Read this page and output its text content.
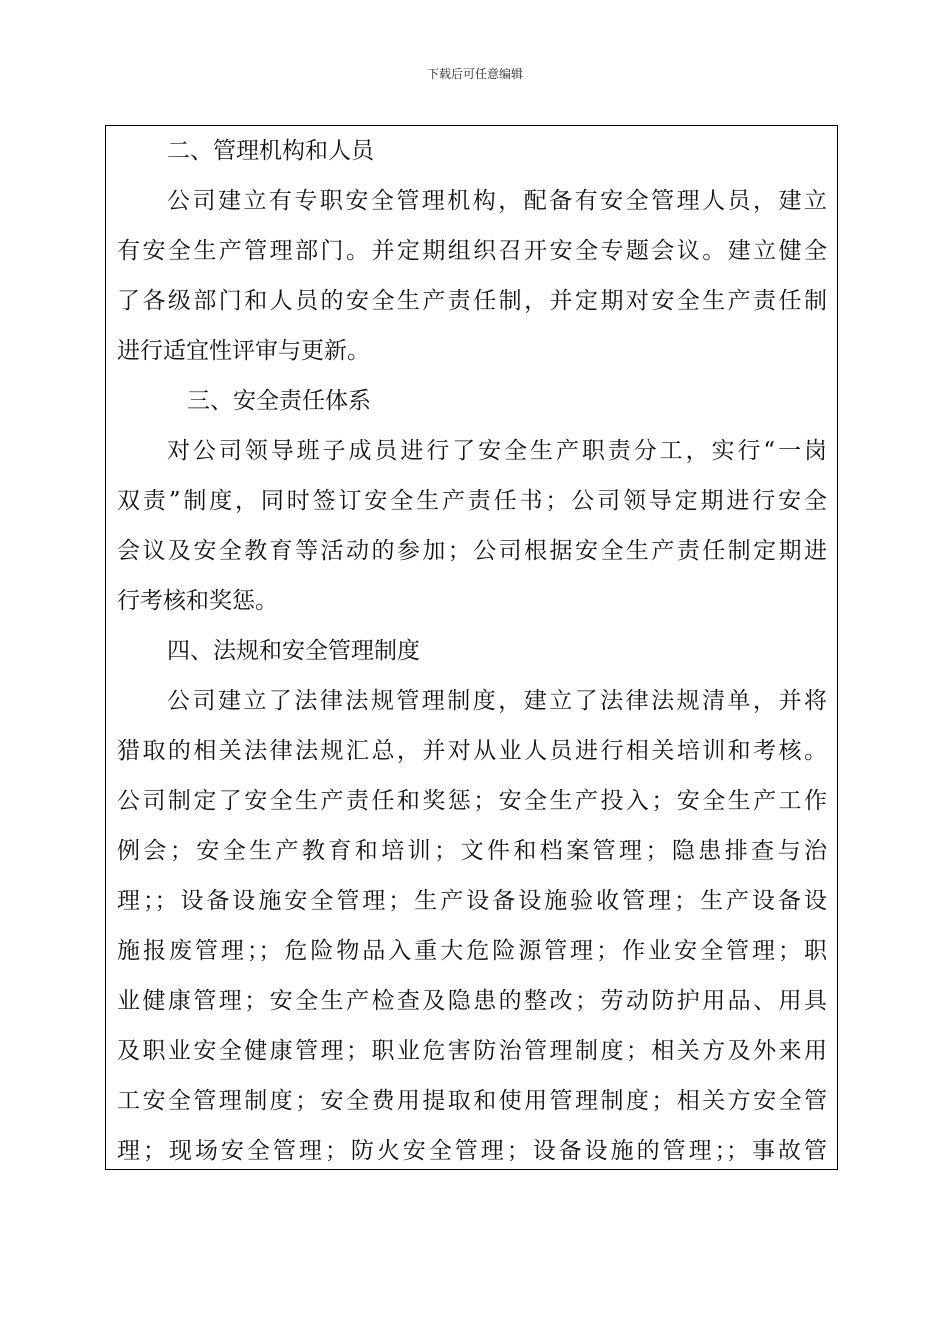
下载后可任意编辑
二、管理机构和人员
公司建立有专职安全管理机构，配备有安全管理人员，建立
有安全生产管理部门。并定期组织召开安全专题会议。建立健全
了各级部门和人员的安全生产责任制，并定期对安全生产责任制
进行适宜性评审与更新。
三、安全责任体系
对公司领导班子成员进行了安全生产职责分工，实行“一岗
双责”制度，同时签订安全生产责任书；公司领导定期进行安全
会议及安全教育等活动的参加；公司根据安全生产责任制定期进
行考核和奖惩。
四、法规和安全管理制度
公司建立了法律法规管理制度，建立了法律法规清单，并将
猎取的相关法律法规汇总，并对从业人员进行相关培训和考核。
公司制定了安全生产责任和奖惩；安全生产投入；安全生产工作
例会；安全生产教育和培训；文件和档案管理；隐患排查与治
理；；设备设施安全管理；生产设备设施验收管理；生产设备设
施报废管理；；危险物品入重大危险源管理；作业安全管理；职
业健康管理；安全生产检查及隐患的整改；劳动防护用品、用具
及职业安全健康管理；职业危害防治管理制度；相关方及外来用
工安全管理制度；安全费用提取和使用管理制度；相关方安全管
理；现场安全管理；防火安全管理；设备设施的管理；；事故管
